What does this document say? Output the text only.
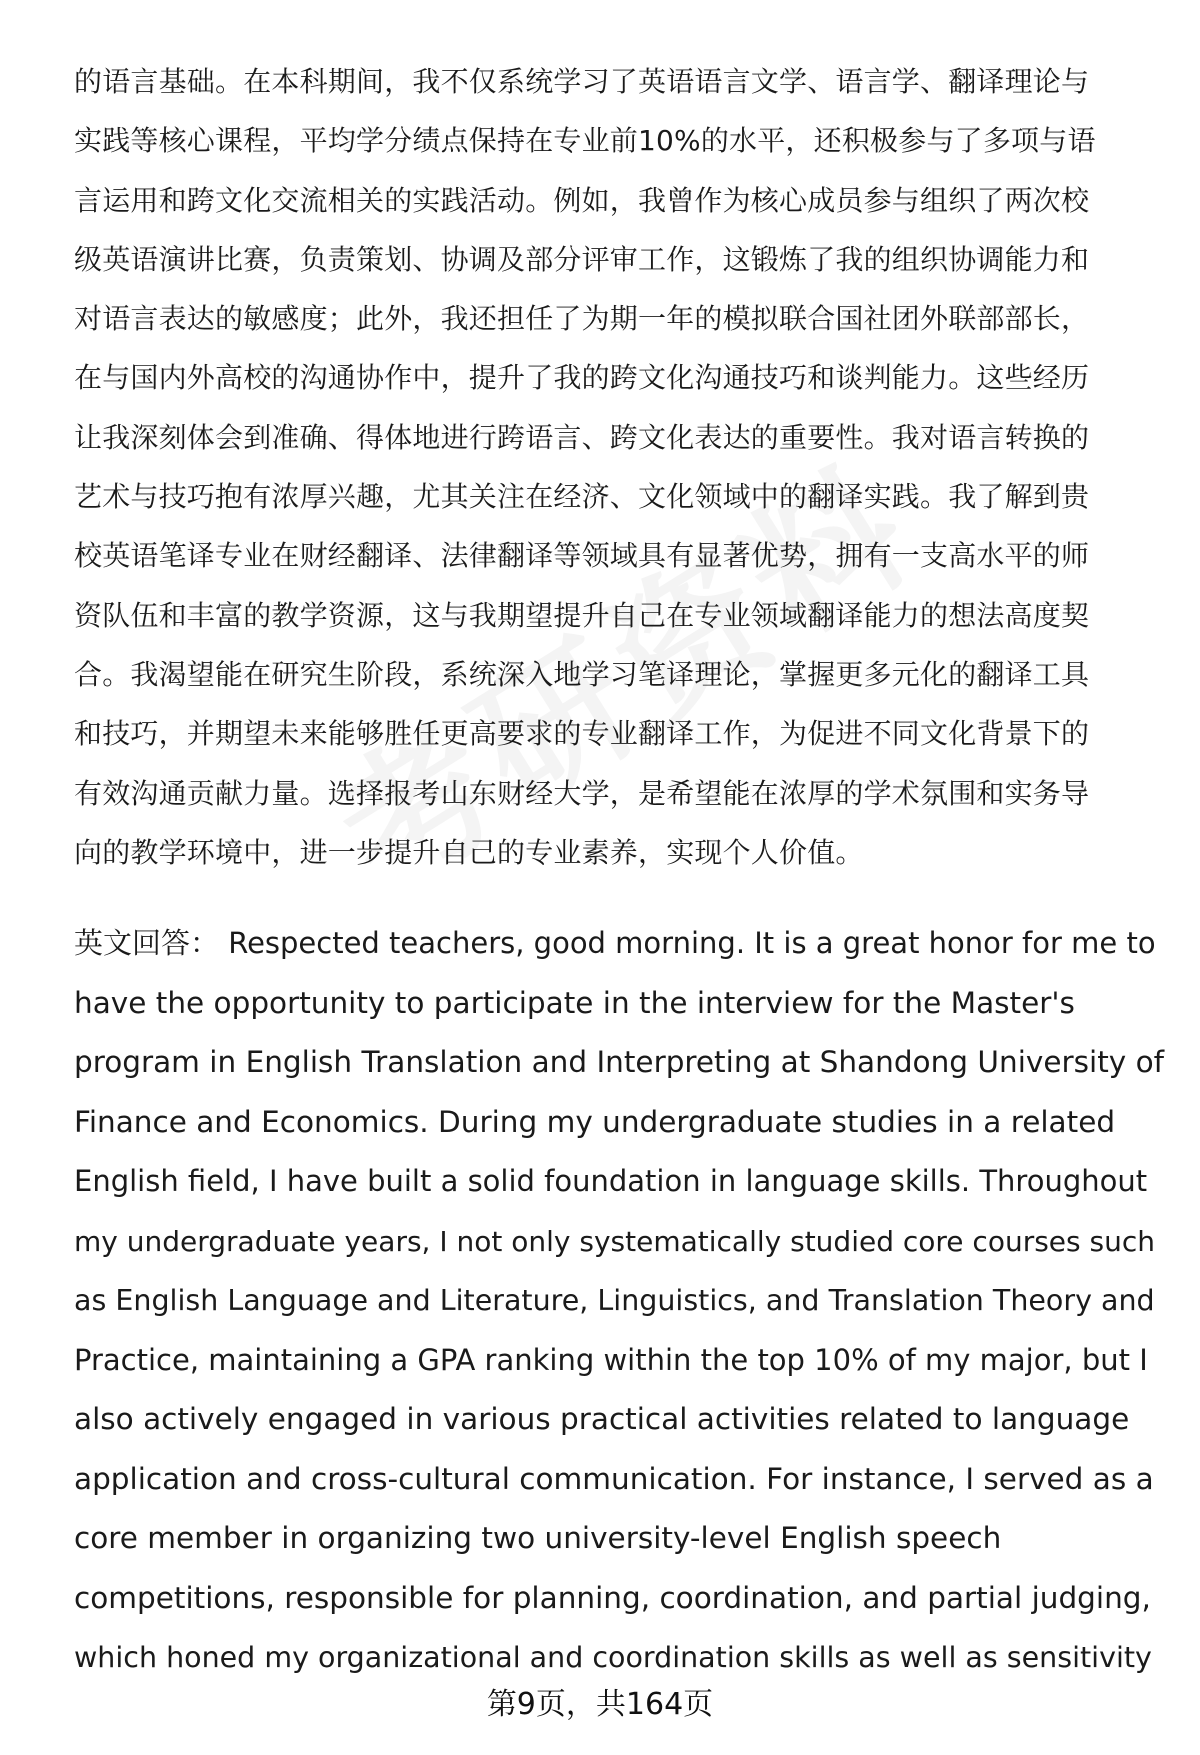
的语言基础。在本科期间，我不仅系统学习了英语语言文学、语言学、翻译理论与
实践等核心课程，平均学分绩点保持在专业前10%的水平，还积极参与了多项与语
言运用和跨文化交流相关的实践活动。例如，我曾作为核心成员参与组织了两次校
级英语演讲比赛，负责策划、协调及部分评审工作，这锻炼了我的组织协调能力和
对语言表达的敏感度；此外，我还担任了为期一年的模拟联合国社团外联部部长，
在与国内外高校的沟通协作中，提升了我的跨文化沟通技巧和谈判能力。这些经历
让我深刻体会到准确、得体地进行跨语言、跨文化表达的重要性。我对语言转换的
艺术与技巧抱有浓厚兴趣，尤其关注在经济、文化领域中的翻译实践。我了解到贵
校英语笔译专业在财经翻译、法律翻译等领域具有显著优势，拥有一支高水平的师
资队伍和丰富的教学资源，这与我期望提升自己在专业领域翻译能力的想法高度契
合。我渴望能在研究生阶段，系统深入地学习笔译理论，掌握更多元化的翻译工具
和技巧，并期望未来能够胜任更高要求的专业翻译工作，为促进不同文化背景下的
有效沟通贡献力量。选择报考山东财经大学，是希望能在浓厚的学术氛围和实务导
向的教学环境中，进一步提升自己的专业素养，实现个人价值。
英文回答： Respected teachers, good morning. It is a great honor for me to
have the opportunity to participate in the interview for the Master's
program in English Translation and Interpreting at Shandong University of
Finance and Economics. During my undergraduate studies in a related
English field, I have built a solid foundation in language skills. Throughout
my undergraduate years, I not only systematically studied core courses such
as English Language and Literature, Linguistics, and Translation Theory and
Practice, maintaining a GPA ranking within the top 10% of my major, but I
also actively engaged in various practical activities related to language
application and cross-cultural communication. For instance, I served as a
core member in organizing two university-level English speech
competitions, responsible for planning, coordination, and partial judging,
which honed my organizational and coordination skills as well as sensitivity
第9页，共164页
